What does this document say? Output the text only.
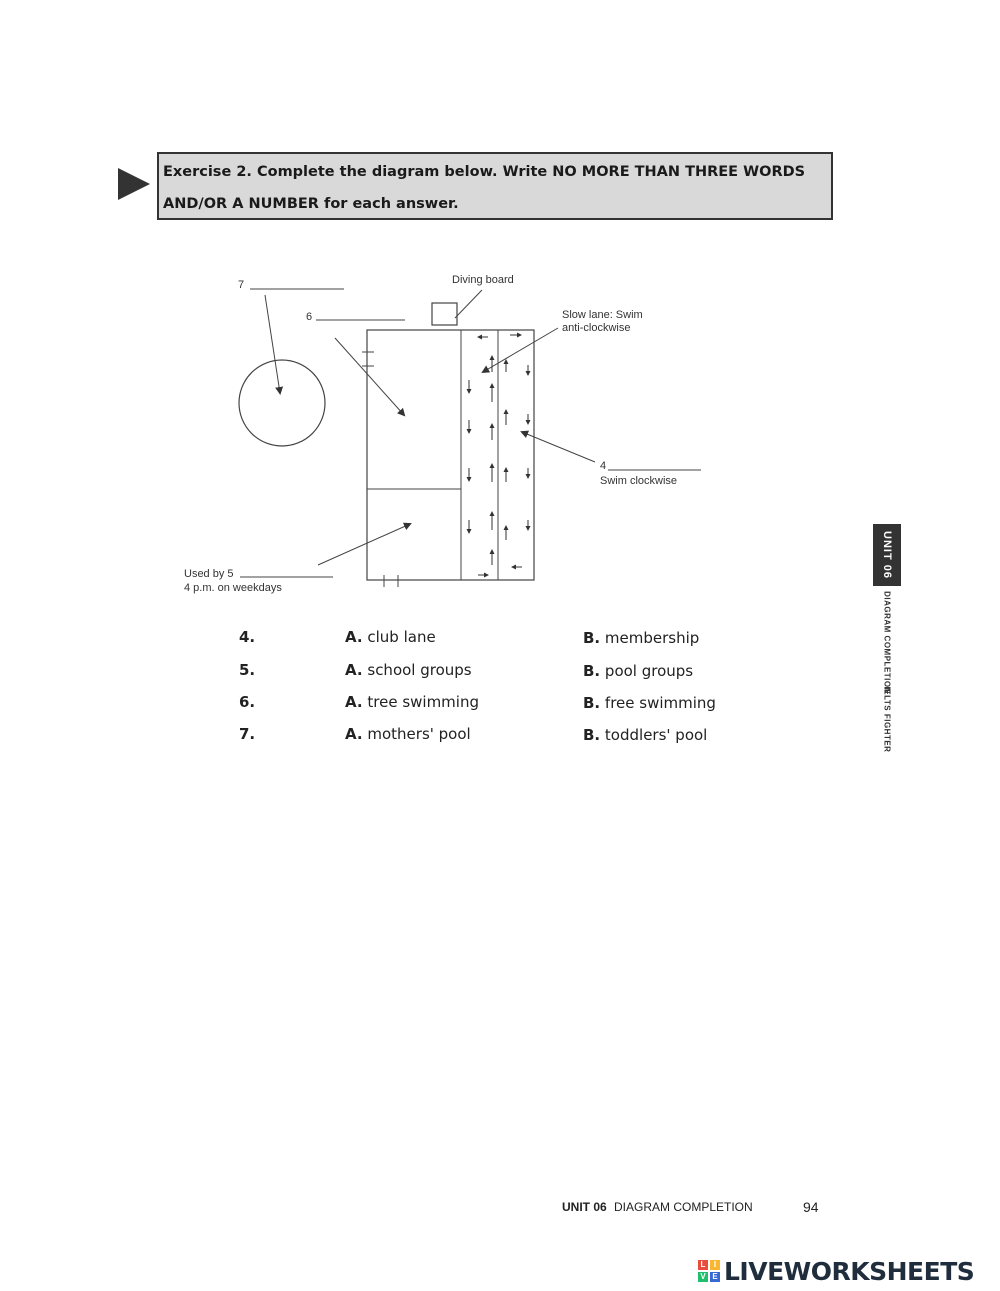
Exercise 2. Complete the diagram below. Write NO MORE THAN THREE WORDS AND/OR A NUMBER for each answer.
Diving board
7
6	Slow lane: Swim
anti-clockwise
4
Swim clockwise
Used by 5
4 p.m. on weekdays
4.	A. club lane	B. membership
5.	A. school groups	B. pool groups
6.	A. tree swimming	B. free swimming
7.	A. mothers' pool	B. toddlers' pool
UNIT 06
DIAGRAM COMPLETION
IELTS FIGHTER
UNIT 06 DIAGRAM COMPLETION	94
L	I
V E LIVEWORKSHEETS
